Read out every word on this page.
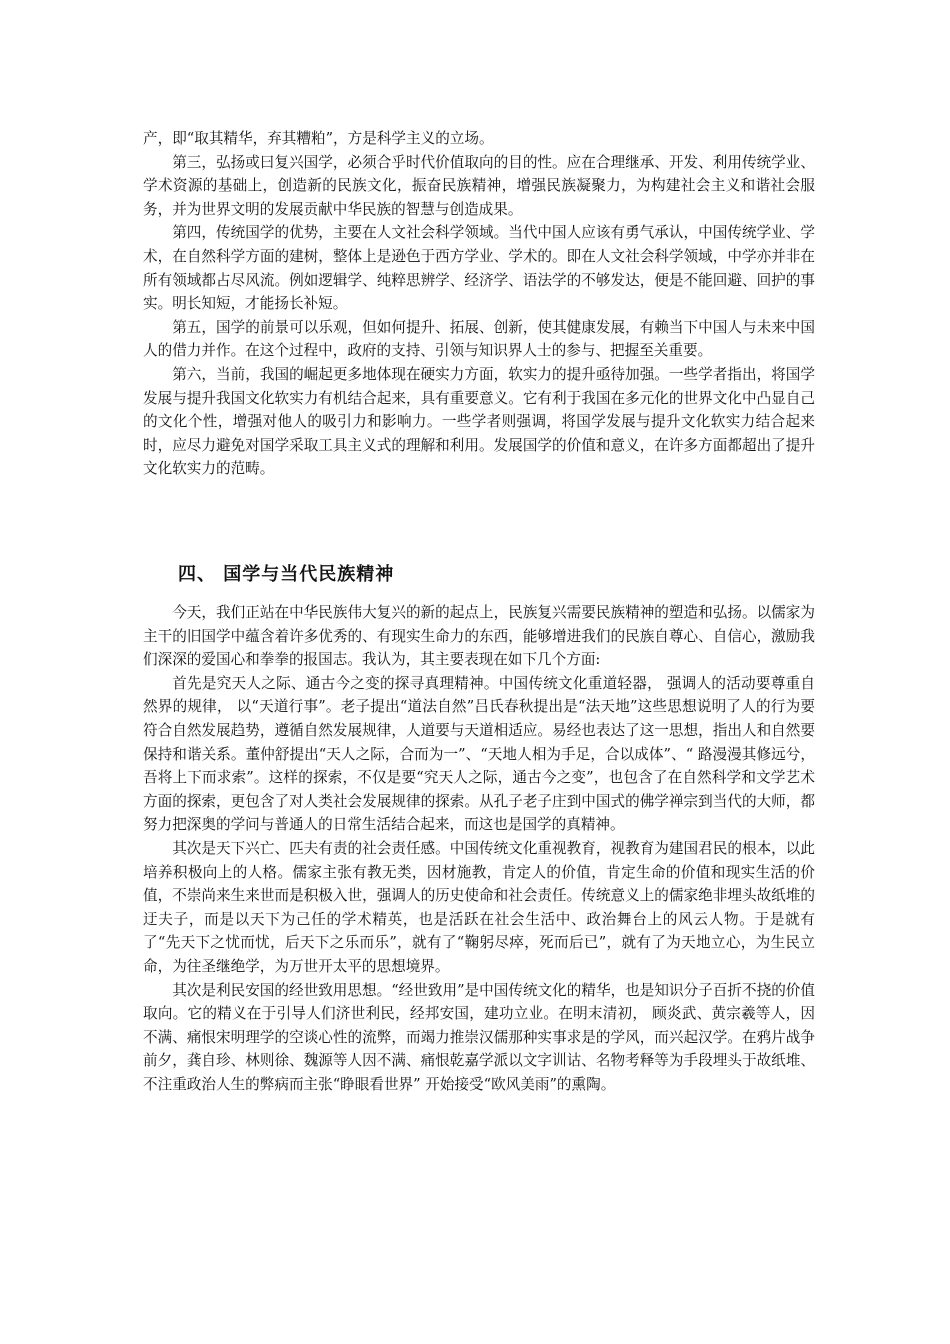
产，即“取其精华，弃其糟粕”，方是科学主义的立场。

第三，弘扬或曰复兴国学，必须合乎时代价值取向的目的性。应在合理继承、开发、利用传统学业、学术资源的基础上，创造新的民族文化，振奋民族精神，增强民族凝聚力，为构建社会主义和谐社会服务，并为世界文明的发展贡献中华民族的智慧与创造成果。

第四，传统国学的优势，主要在人文社会科学领域。当代中国人应该有勇气承认，中国传统学业、学术，在自然科学方面的建树，整体上是逊色于西方学业、学术的。即在人文社会科学领域，中学亦并非在所有领域都占尽风流。例如逻辑学、纯粹思辨学、经济学、语法学的不够发达，便是不能回避、回护的事实。明长知短，才能扬长补短。

第五，国学的前景可以乐观，但如何提升、拓展、创新，使其健康发展，有赖当下中国人与未来中国人的借力并作。在这个过程中，政府的支持、引领与知识界人士的参与、把握至关重要。

第六，当前，我国的崛起更多地体现在硬实力方面，软实力的提升亟待加强。一些学者指出，将国学发展与提升我国文化软实力有机结合起来，具有重要意义。它有利于我国在多元化的世界文化中凸显自己的文化个性，增强对他人的吸引力和影响力。一些学者则强调，将国学发展与提升文化软实力结合起来时，应尽力避免对国学采取工具主义式的理解和利用。发展国学的价值和意义，在许多方面都超出了提升文化软实力的范畴。

四、 国学与当代民族精神

今天，我们正站在中华民族伟大复兴的新的起点上，民族复兴需要民族精神的塑造和弘扬。以儒家为主干的旧国学中蕴含着许多优秀的、有现实生命力的东西，能够增进我们的民族自尊心、自信心，激励我们深深的爱国心和拳拳的报国志。我认为，其主要表现在如下几个方面:

首先是究天人之际、通古今之变的探寻真理精神。中国传统文化重道轻器， 强调人的活动要尊重自然界的规律， 以“天道行事”。老子提出“道法自然”吕氏春秋提出是“法天地”这些思想说明了人的行为要符合自然发展趋势，遵循自然发展规律，人道要与天道相适应。易经也表达了这一思想，指出人和自然要保持和谐关系。董仲舒提出“天人之际，合而为一”、“天地人相为手足，合以成体”、“ 路漫漫其修远兮，吾将上下而求索”。这样的探索，不仅是要“究天人之际，通古今之变”，也包含了在自然科学和文学艺术方面的探索，更包含了对人类社会发展规律的探索。从孔子老子庄到中国式的佛学禅宗到当代的大师，都努力把深奥的学问与普通人的日常生活结合起来，而这也是国学的真精神。

其次是天下兴亡、匹夫有责的社会责任感。中国传统文化重视教育，视教育为建国君民的根本，以此培养积极向上的人格。儒家主张有教无类，因材施教，肯定人的价值，肯定生命的价值和现实生活的价值，不崇尚来生来世而是积极入世，强调人的历史使命和社会责任。传统意义上的儒家绝非埋头故纸堆的迂夫子，而是以天下为己任的学术精英，也是活跃在社会生活中、政治舞台上的风云人物。于是就有了“先天下之忧而忧，后天下之乐而乐”，就有了“鞠躬尽瘁，死而后已”，就有了为天地立心，为生民立命，为往圣继绝学，为万世开太平的思想境界。

其次是利民安国的经世致用思想。“经世致用”是中国传统文化的精华，也是知识分子百折不挠的价值取向。它的精义在于引导人们济世利民，经邦安国，建功立业。在明末清初， 顾炎武、黄宗羲等人，因不满、痛恨宋明理学的空谈心性的流弊，而竭力推崇汉儒那种实事求是的学风，而兴起汉学。在鸦片战争前夕，龚自珍、林则徐、魏源等人因不满、痛恨乾嘉学派以文字训诂、名物考释等为手段埋头于故纸堆、不注重政治人生的弊病而主张“睁眼看世界” 开始接受“欧风美雨”的熏陶。
